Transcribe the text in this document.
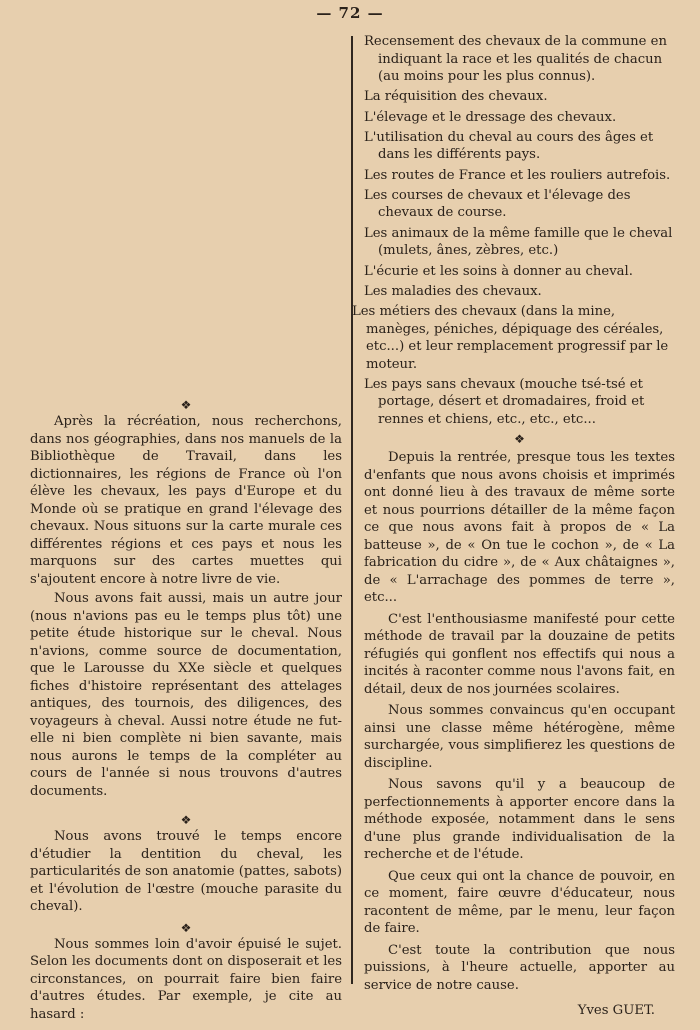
— 72 —

❖

Après la récréation, nous recherchons, dans nos géographies, dans nos manuels de la Bibliothèque de Travail, dans les dictionnaires, les régions de France où l'on élève les chevaux, les pays d'Europe et du Monde où se pratique en grand l'élevage des chevaux. Nous situons sur la carte murale ces différentes régions et ces pays et nous les marquons sur des cartes muettes qui s'ajoutent encore à notre livre de vie.

Nous avons fait aussi, mais un autre jour (nous n'avions pas eu le temps plus tôt) une petite étude historique sur le cheval. Nous n'avions, comme source de documentation, que le Larousse du XXe siècle et quelques fiches d'histoire représentant des attelages antiques, des tournois, des diligences, des voyageurs à cheval. Aussi notre étude ne fut-elle ni bien complète ni bien savante, mais nous aurons le temps de la compléter au cours de l'année si nous trouvons d'autres documents.

❖

Nous avons trouvé le temps encore d'étudier la dentition du cheval, les particularités de son anatomie (pattes, sabots) et l'évolution de l'œstre (mouche parasite du cheval).

❖

Nous sommes loin d'avoir épuisé le sujet. Selon les documents dont on disposerait et les circonstances, on pourrait faire bien faire d'autres études. Par exemple, je cite au hasard :

Recensement des chevaux de la commune en indiquant la race et les qualités de chacun (au moins pour les plus connus).

La réquisition des chevaux.

L'élevage et le dressage des chevaux.

L'utilisation du cheval au cours des âges et dans les différents pays.

Les routes de France et les rouliers autrefois.

Les courses de chevaux et l'élevage des chevaux de course.

Les animaux de la même famille que le cheval (mulets, ânes, zèbres, etc.)

L'écurie et les soins à donner au cheval.

Les maladies des chevaux.

Les métiers des chevaux (dans la mine, manèges, péniches, dépiquage des céréales, etc...) et leur remplacement progressif par le moteur.

Les pays sans chevaux (mouche tsé-tsé et portage, désert et dromadaires, froid et rennes et chiens, etc., etc., etc...

❖

Depuis la rentrée, presque tous les textes d'enfants que nous avons choisis et imprimés ont donné lieu à des travaux de même sorte et nous pourrions détailler de la même façon ce que nous avons fait à propos de « La batteuse », de « On tue le cochon », de « La fabrication du cidre », de « Aux châtaignes », de « L'arrachage des pommes de terre », etc...

C'est l'enthousiasme manifesté pour cette méthode de travail par la douzaine de petits réfugiés qui gonflent nos effectifs qui nous a incités à raconter comme nous l'avons fait, en détail, deux de nos journées scolaires.

Nous sommes convaincus qu'en occupant ainsi une classe même hétérogène, même surchargée, vous simplifierez les questions de discipline.

Nous savons qu'il y a beaucoup de perfectionnements à apporter encore dans la méthode exposée, notamment dans le sens d'une plus grande individualisation de la recherche et de l'étude.

Que ceux qui ont la chance de pouvoir, en ce moment, faire œuvre d'éducateur, nous racontent de même, par le menu, leur façon de faire.

C'est toute la contribution que nous puissions, à l'heure actuelle, apporter au service de notre cause.

Yves GUET.
